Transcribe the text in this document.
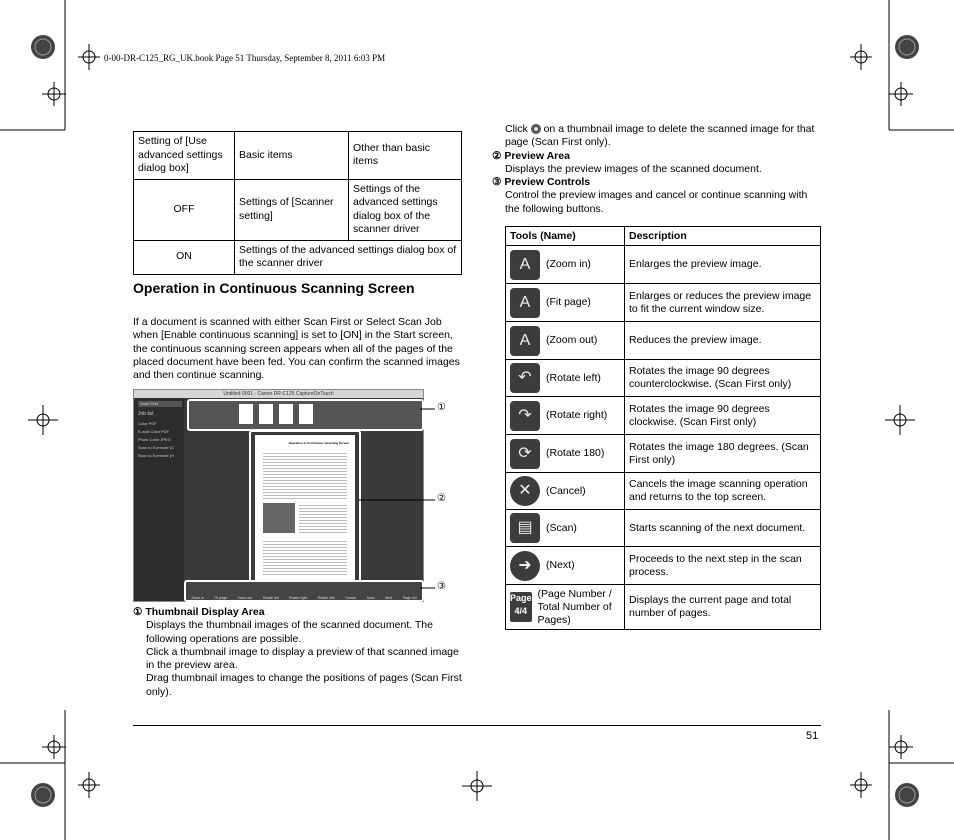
0-00-DR-C125_RG_UK.book Page 51 Thursday, September 8, 2011 6:03 PM
Setting of [Use advanced settings dialog box]	Basic items	Other than basic items
OFF	Settings of [Scanner setting]	Settings of the advanced settings dialog box of the scanner driver
ON	Settings of the advanced settings dialog box of the scanner driver	
Operation in Continuous Scanning Screen
If a document is scanned with either Scan First or Select Scan Job when [Enable continuous scanning] is set to [ON] in the Start screen, the continuous scanning screen appears when all of the pages of the placed document have been fed. You can confirm the scanned images and then continue scanning.
Untitled-0001 - Canon DR-C125 CaptureOnTouch
Scan First
Job list
Color PDF
E-mail Color PDF
Photo Color JPEG
Scan to Evernote (C
Scan to Evernote (H
Operation in Continuous Scanning Screen
Zoom in	Fit page	Zoom out	Rotate left	Rotate right	Rotate 180	Cancel	Scan	Next	Page 4/4
①
②
③
① Thumbnail Display Area
Displays the thumbnail images of the scanned document. The following operations are possible.
Click a thumbnail image to display a preview of that scanned image in the preview area.
Drag thumbnail images to change the positions of pages (Scan First only).
Click on a thumbnail image to delete the scanned image for that page (Scan First only).
② Preview Area
Displays the preview images of the scanned document.
③ Preview Controls
Control the preview images and cancel or continue scanning with the following buttons.
Tools (Name)	Description

A (Zoom in)	Enlarges the preview image.

A (Fit page)	Enlarges or reduces the preview image to fit the current window size.

A (Zoom out)	Reduces the preview image.

↶ (Rotate left)	Rotates the image 90 degrees counterclockwise. (Scan First only)

↷ (Rotate right)	Rotates the image 90 degrees clockwise. (Scan First only)

⟳ (Rotate 180)	Rotates the image 180 degrees. (Scan First only)

✕ (Cancel)	Cancels the image scanning operation and returns to the top screen.

▤ (Scan)	Starts scanning of the next document.

➜ (Next)	Proceeds to the next step in the scan process.

Page
4/4
(Page Number / Total Number of Pages)	Displays the current page and total number of pages.
51
